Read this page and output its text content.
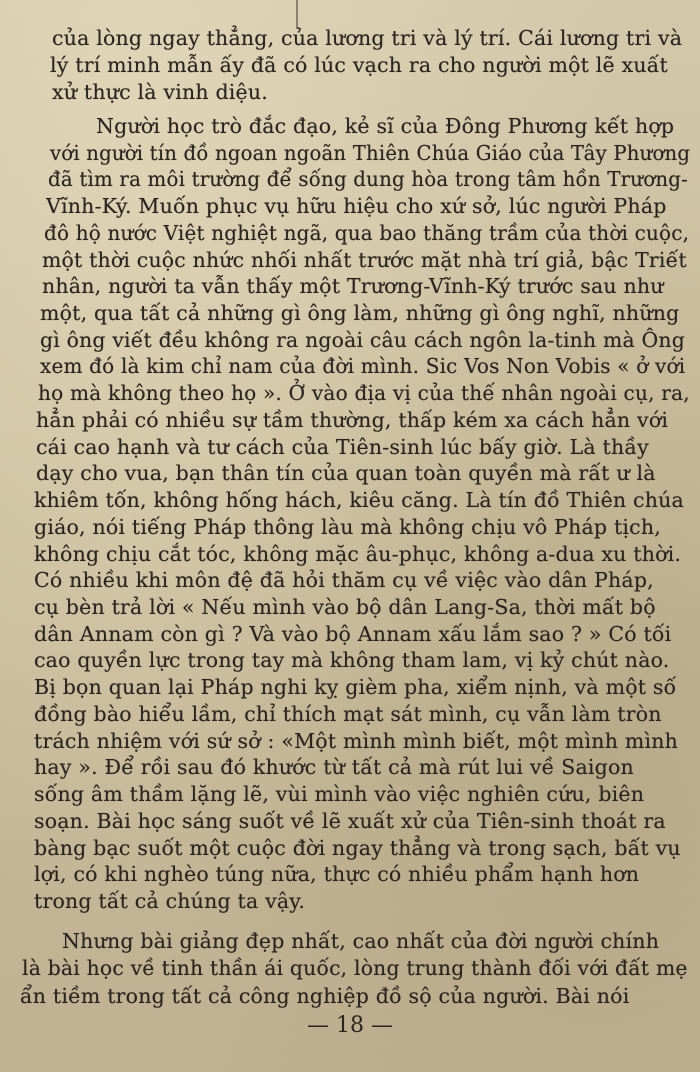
của lòng ngay thẳng, của lương tri và lý trí. Cái lương tri và
lý trí minh mẫn ấy đã có lúc vạch ra cho người một lẽ xuất
xử thực là vinh diệu.
Người học trò đắc đạo, kẻ sĩ của Đông Phương kết hợp
với người tín đồ ngoan ngoãn Thiên Chúa Giáo của Tây Phương
đã tìm ra môi trường để sống dung hòa trong tâm hồn Trương-
Vĩnh-Ký. Muốn phục vụ hữu hiệu cho xứ sở, lúc người Pháp
đô hộ nước Việt nghiệt ngã, qua bao thăng trầm của thời cuộc,
một thời cuộc nhức nhối nhất trước mặt nhà trí giả, bậc Triết
nhân, người ta vẫn thấy một Trương-Vĩnh-Ký trước sau như
một, qua tất cả những gì ông làm, những gì ông nghĩ, những
gì ông viết đều không ra ngoài câu cách ngôn la-tinh mà Ông
xem đó là kim chỉ nam của đời mình. Sic Vos Non Vobis « ở với
họ mà không theo họ ». Ở vào địa vị của thế nhân ngoài cụ, ra,
hẳn phải có nhiều sự tầm thường, thấp kém xa cách hẳn với
cái cao hạnh và tư cách của Tiên-sinh lúc bấy giờ. Là thầy
dạy cho vua, bạn thân tín của quan toàn quyền mà rất ư là
khiêm tốn, không hống hách, kiêu căng. Là tín đồ Thiên chúa
giáo, nói tiếng Pháp thông làu mà không chịu vô Pháp tịch,
không chịu cắt tóc, không mặc âu-phục, không a-dua xu thời.
Có nhiều khi môn đệ đã hỏi thăm cụ về việc vào dân Pháp,
cụ bèn trả lời « Nếu mình vào bộ dân Lang-Sa, thời mất bộ
dân Annam còn gì ? Và vào bộ Annam xấu lắm sao ? » Có tối
cao quyền lực trong tay mà không tham lam, vị kỷ chút nào.
Bị bọn quan lại Pháp nghi kỵ gièm pha, xiểm nịnh, và một số
đồng bào hiểu lầm, chỉ thích mạt sát mình, cụ vẫn làm tròn
trách nhiệm với sứ sở : «Một mình mình biết, một mình mình
hay ». Để rồi sau đó khước từ tất cả mà rút lui về Saigon
sống âm thầm lặng lẽ, vùi mình vào việc nghiên cứu, biên
soạn. Bài học sáng suốt về lẽ xuất xử của Tiên-sinh thoát ra
bàng bạc suốt một cuộc đời ngay thẳng và trong sạch, bất vụ
lợi, có khi nghèo túng nữa, thực có nhiều phẩm hạnh hơn
trong tất cả chúng ta vậy.
Nhưng bài giảng đẹp nhất, cao nhất của đời người chính
là bài học về tinh thần ái quốc, lòng trung thành đối với đất mẹ
ẩn tiềm trong tất cả công nghiệp đồ sộ của người. Bài nói
— 18 —
